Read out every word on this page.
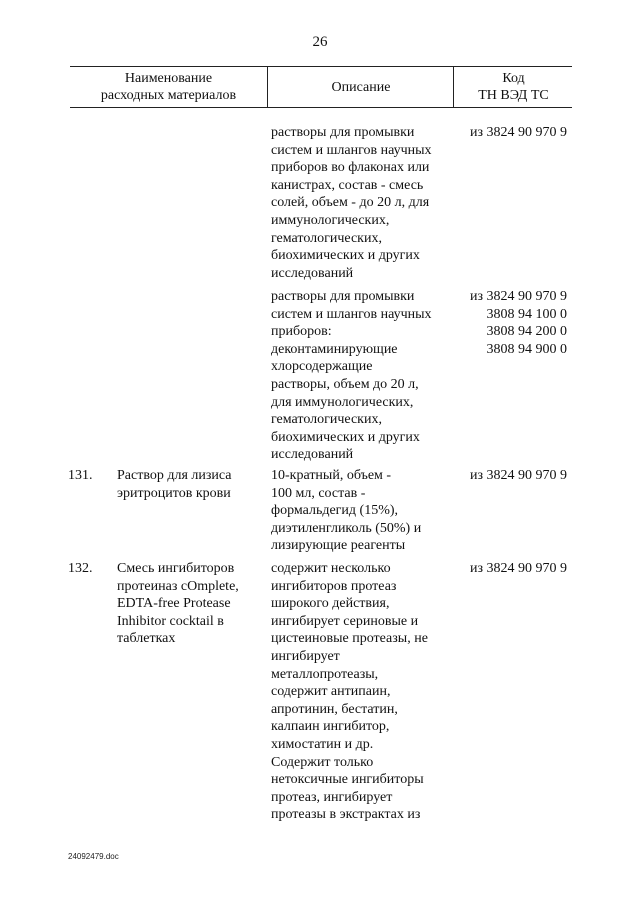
26
Наименование
расходных материалов
Описание
Код
ТН ВЭД ТС
растворы для промывки
систем и шлангов научных
приборов во флаконах или
канистрах, состав - смесь
солей, объем - до 20 л, для
иммунологических,
гематологических,
биохимических и других
исследований
из 3824 90 970 9
растворы для промывки
систем и шлангов научных
приборов:
деконтаминирующие
хлорсодержащие
растворы, объем до 20 л,
для иммунологических,
гематологических,
биохимических и других
исследований
из 3824 90 970 9
3808 94 100 0
3808 94 200 0
3808 94 900 0
131.	Раствор для лизиса
эритроцитов крови
10-кратный, объем -
100 мл, состав -
формальдегид (15%),
диэтиленгликоль (50%) и
лизирующие реагенты
из 3824 90 970 9
132.	Смесь ингибиторов
протеиназ cOmplete,
EDTA-free Protease
Inhibitor cocktail в
таблетках
содержит несколько
ингибиторов протеаз
широкого действия,
ингибирует сериновые и
цистеиновые протеазы, не
ингибирует
металлопротеазы,
содержит антипаин,
апротинин, бестатин,
калпаин ингибитор,
химостатин и др.
Содержит только
нетоксичные ингибиторы
протеаз, ингибирует
протеазы в экстрактах из
из 3824 90 970 9
24092479.doc
